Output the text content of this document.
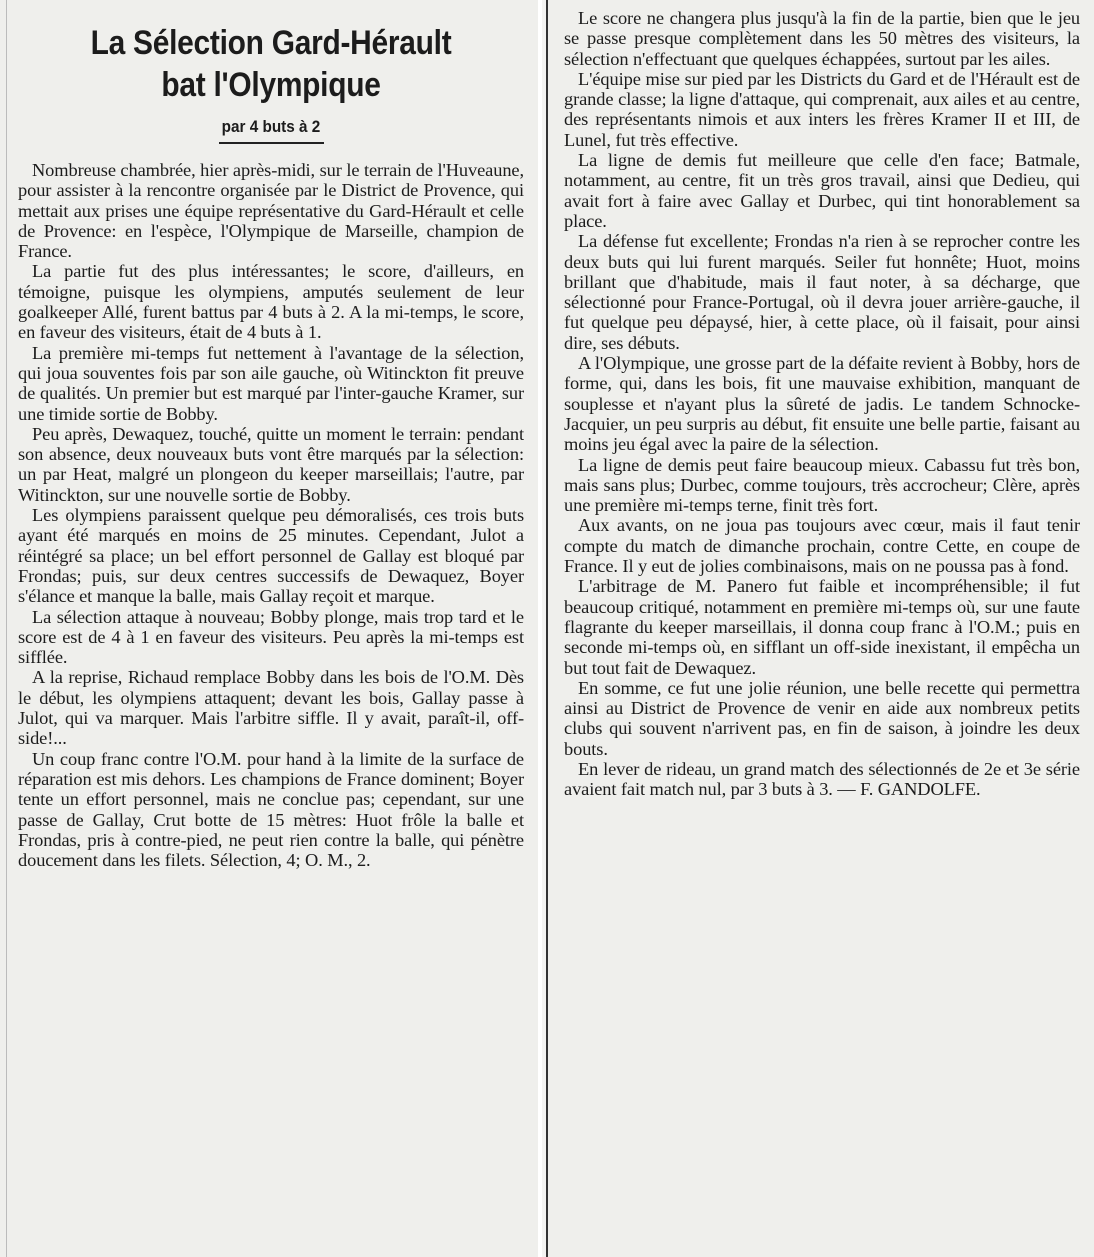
La Sélection Gard-Hérault
bat l'Olympique
par 4 buts à 2

Nombreuse chambrée, hier après-midi, sur le terrain de l'Huveaune, pour assister à la rencontre organisée par le District de Provence, qui mettait aux prises une équipe représentative du Gard-Hérault et celle de Provence: en l'espèce, l'Olympique de Marseille, champion de France.

La partie fut des plus intéressantes; le score, d'ailleurs, en témoigne, puisque les olympiens, amputés seulement de leur goalkeeper Allé, furent battus par 4 buts à 2. A la mi-temps, le score, en faveur des visiteurs, était de 4 buts à 1.

La première mi-temps fut nettement à l'avantage de la sélection, qui joua souventes fois par son aile gauche, où Witinckton fit preuve de qualités. Un premier but est marqué par l'inter-gauche Kramer, sur une timide sortie de Bobby.

Peu après, Dewaquez, touché, quitte un moment le terrain: pendant son absence, deux nouveaux buts vont être marqués par la sélection: un par Heat, malgré un plongeon du keeper marseillais; l'autre, par Witinckton, sur une nouvelle sortie de Bobby.

Les olympiens paraissent quelque peu démoralisés, ces trois buts ayant été marqués en moins de 25 minutes. Cependant, Julot a réintégré sa place; un bel effort personnel de Gallay est bloqué par Frondas; puis, sur deux centres successifs de Dewaquez, Boyer s'élance et manque la balle, mais Gallay reçoit et marque.

La sélection attaque à nouveau; Bobby plonge, mais trop tard et le score est de 4 à 1 en faveur des visiteurs. Peu après la mi-temps est sifflée.

A la reprise, Richaud remplace Bobby dans les bois de l'O.M. Dès le début, les olympiens attaquent; devant les bois, Gallay passe à Julot, qui va marquer. Mais l'arbitre siffle. Il y avait, paraît-il, off-side!...

Un coup franc contre l'O.M. pour hand à la limite de la surface de réparation est mis dehors. Les champions de France dominent; Boyer tente un effort personnel, mais ne conclue pas; cependant, sur une passe de Gallay, Crut botte de 15 mètres: Huot frôle la balle et Frondas, pris à contre-pied, ne peut rien contre la balle, qui pénètre doucement dans les filets. Sélection, 4; O. M., 2.

Le score ne changera plus jusqu'à la fin de la partie, bien que le jeu se passe presque complètement dans les 50 mètres des visiteurs, la sélection n'effectuant que quelques échappées, surtout par les ailes.

L'équipe mise sur pied par les Districts du Gard et de l'Hérault est de grande classe; la ligne d'attaque, qui comprenait, aux ailes et au centre, des représentants nimois et aux inters les frères Kramer II et III, de Lunel, fut très effective.

La ligne de demis fut meilleure que celle d'en face; Batmale, notamment, au centre, fit un très gros travail, ainsi que Dedieu, qui avait fort à faire avec Gallay et Durbec, qui tint honorablement sa place.

La défense fut excellente; Frondas n'a rien à se reprocher contre les deux buts qui lui furent marqués. Seiler fut honnête; Huot, moins brillant que d'habitude, mais il faut noter, à sa décharge, que sélectionné pour France-Portugal, où il devra jouer arrière-gauche, il fut quelque peu dépaysé, hier, à cette place, où il faisait, pour ainsi dire, ses débuts.

A l'Olympique, une grosse part de la défaite revient à Bobby, hors de forme, qui, dans les bois, fit une mauvaise exhibition, manquant de souplesse et n'ayant plus la sûreté de jadis. Le tandem Schnocke-Jacquier, un peu surpris au début, fit ensuite une belle partie, faisant au moins jeu égal avec la paire de la sélection.

La ligne de demis peut faire beaucoup mieux. Cabassu fut très bon, mais sans plus; Durbec, comme toujours, très accrocheur; Clère, après une première mi-temps terne, finit très fort.

Aux avants, on ne joua pas toujours avec cœur, mais il faut tenir compte du match de dimanche prochain, contre Cette, en coupe de France. Il y eut de jolies combinaisons, mais on ne poussa pas à fond.

L'arbitrage de M. Panero fut faible et incompréhensible; il fut beaucoup critiqué, notamment en première mi-temps où, sur une faute flagrante du keeper marseillais, il donna coup franc à l'O.M.; puis en seconde mi-temps où, en sifflant un off-side inexistant, il empêcha un but tout fait de Dewaquez.

En somme, ce fut une jolie réunion, une belle recette qui permettra ainsi au District de Provence de venir en aide aux nombreux petits clubs qui souvent n'arrivent pas, en fin de saison, à joindre les deux bouts.

En lever de rideau, un grand match des sélectionnés de 2e et 3e série avaient fait match nul, par 3 buts à 3. — F. GANDOLFE.
